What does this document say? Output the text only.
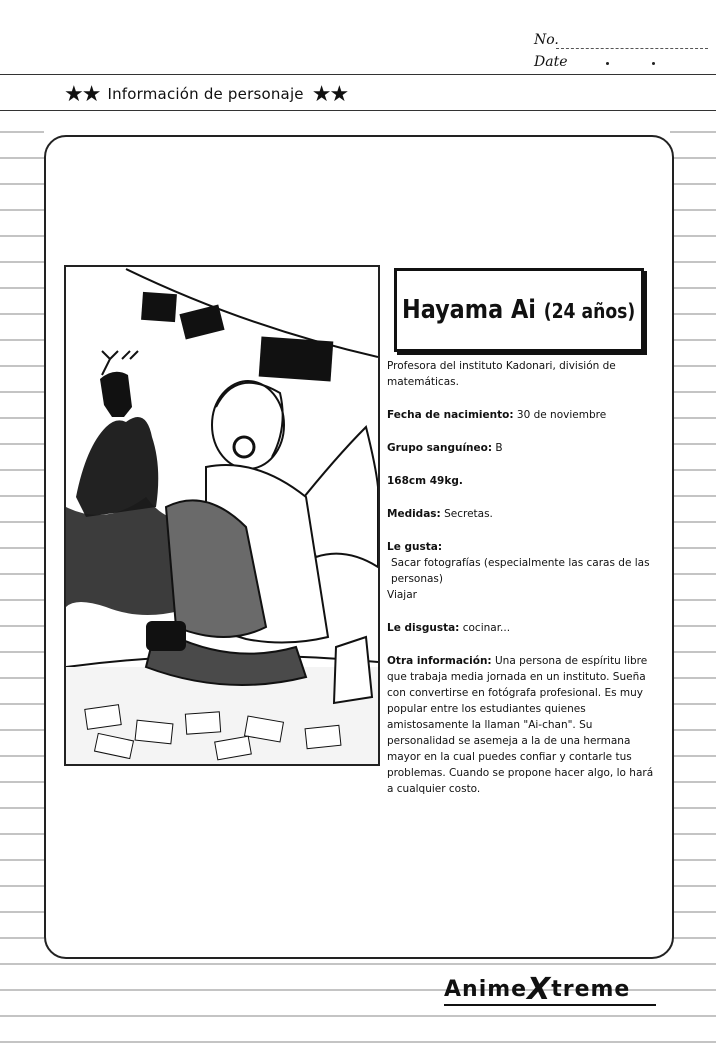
No.
Date
★★ Información de personaje ★★
Hayama Ai (24 años)

Profesora del instituto Kadonari, división de matemáticas.

Fecha de nacimiento: 30 de noviembre

Grupo sanguíneo: B

168cm 49kg.

Medidas: Secretas.

Le gusta:
Sacar fotografías (especialmente las caras de las personas)
Viajar

Le disgusta: cocinar...

Otra información: Una persona de espíritu libre que trabaja media jornada en un instituto. Sueña con convertirse en fotógrafa profesional. Es muy popular entre los estudiantes quienes amistosamente la llaman "Ai-chan". Su personalidad se asemeja a la de una hermana mayor en la cual puedes confiar y contarle tus problemas. Cuando se propone hacer algo, lo hará a cualquier costo.

Anime X treme
